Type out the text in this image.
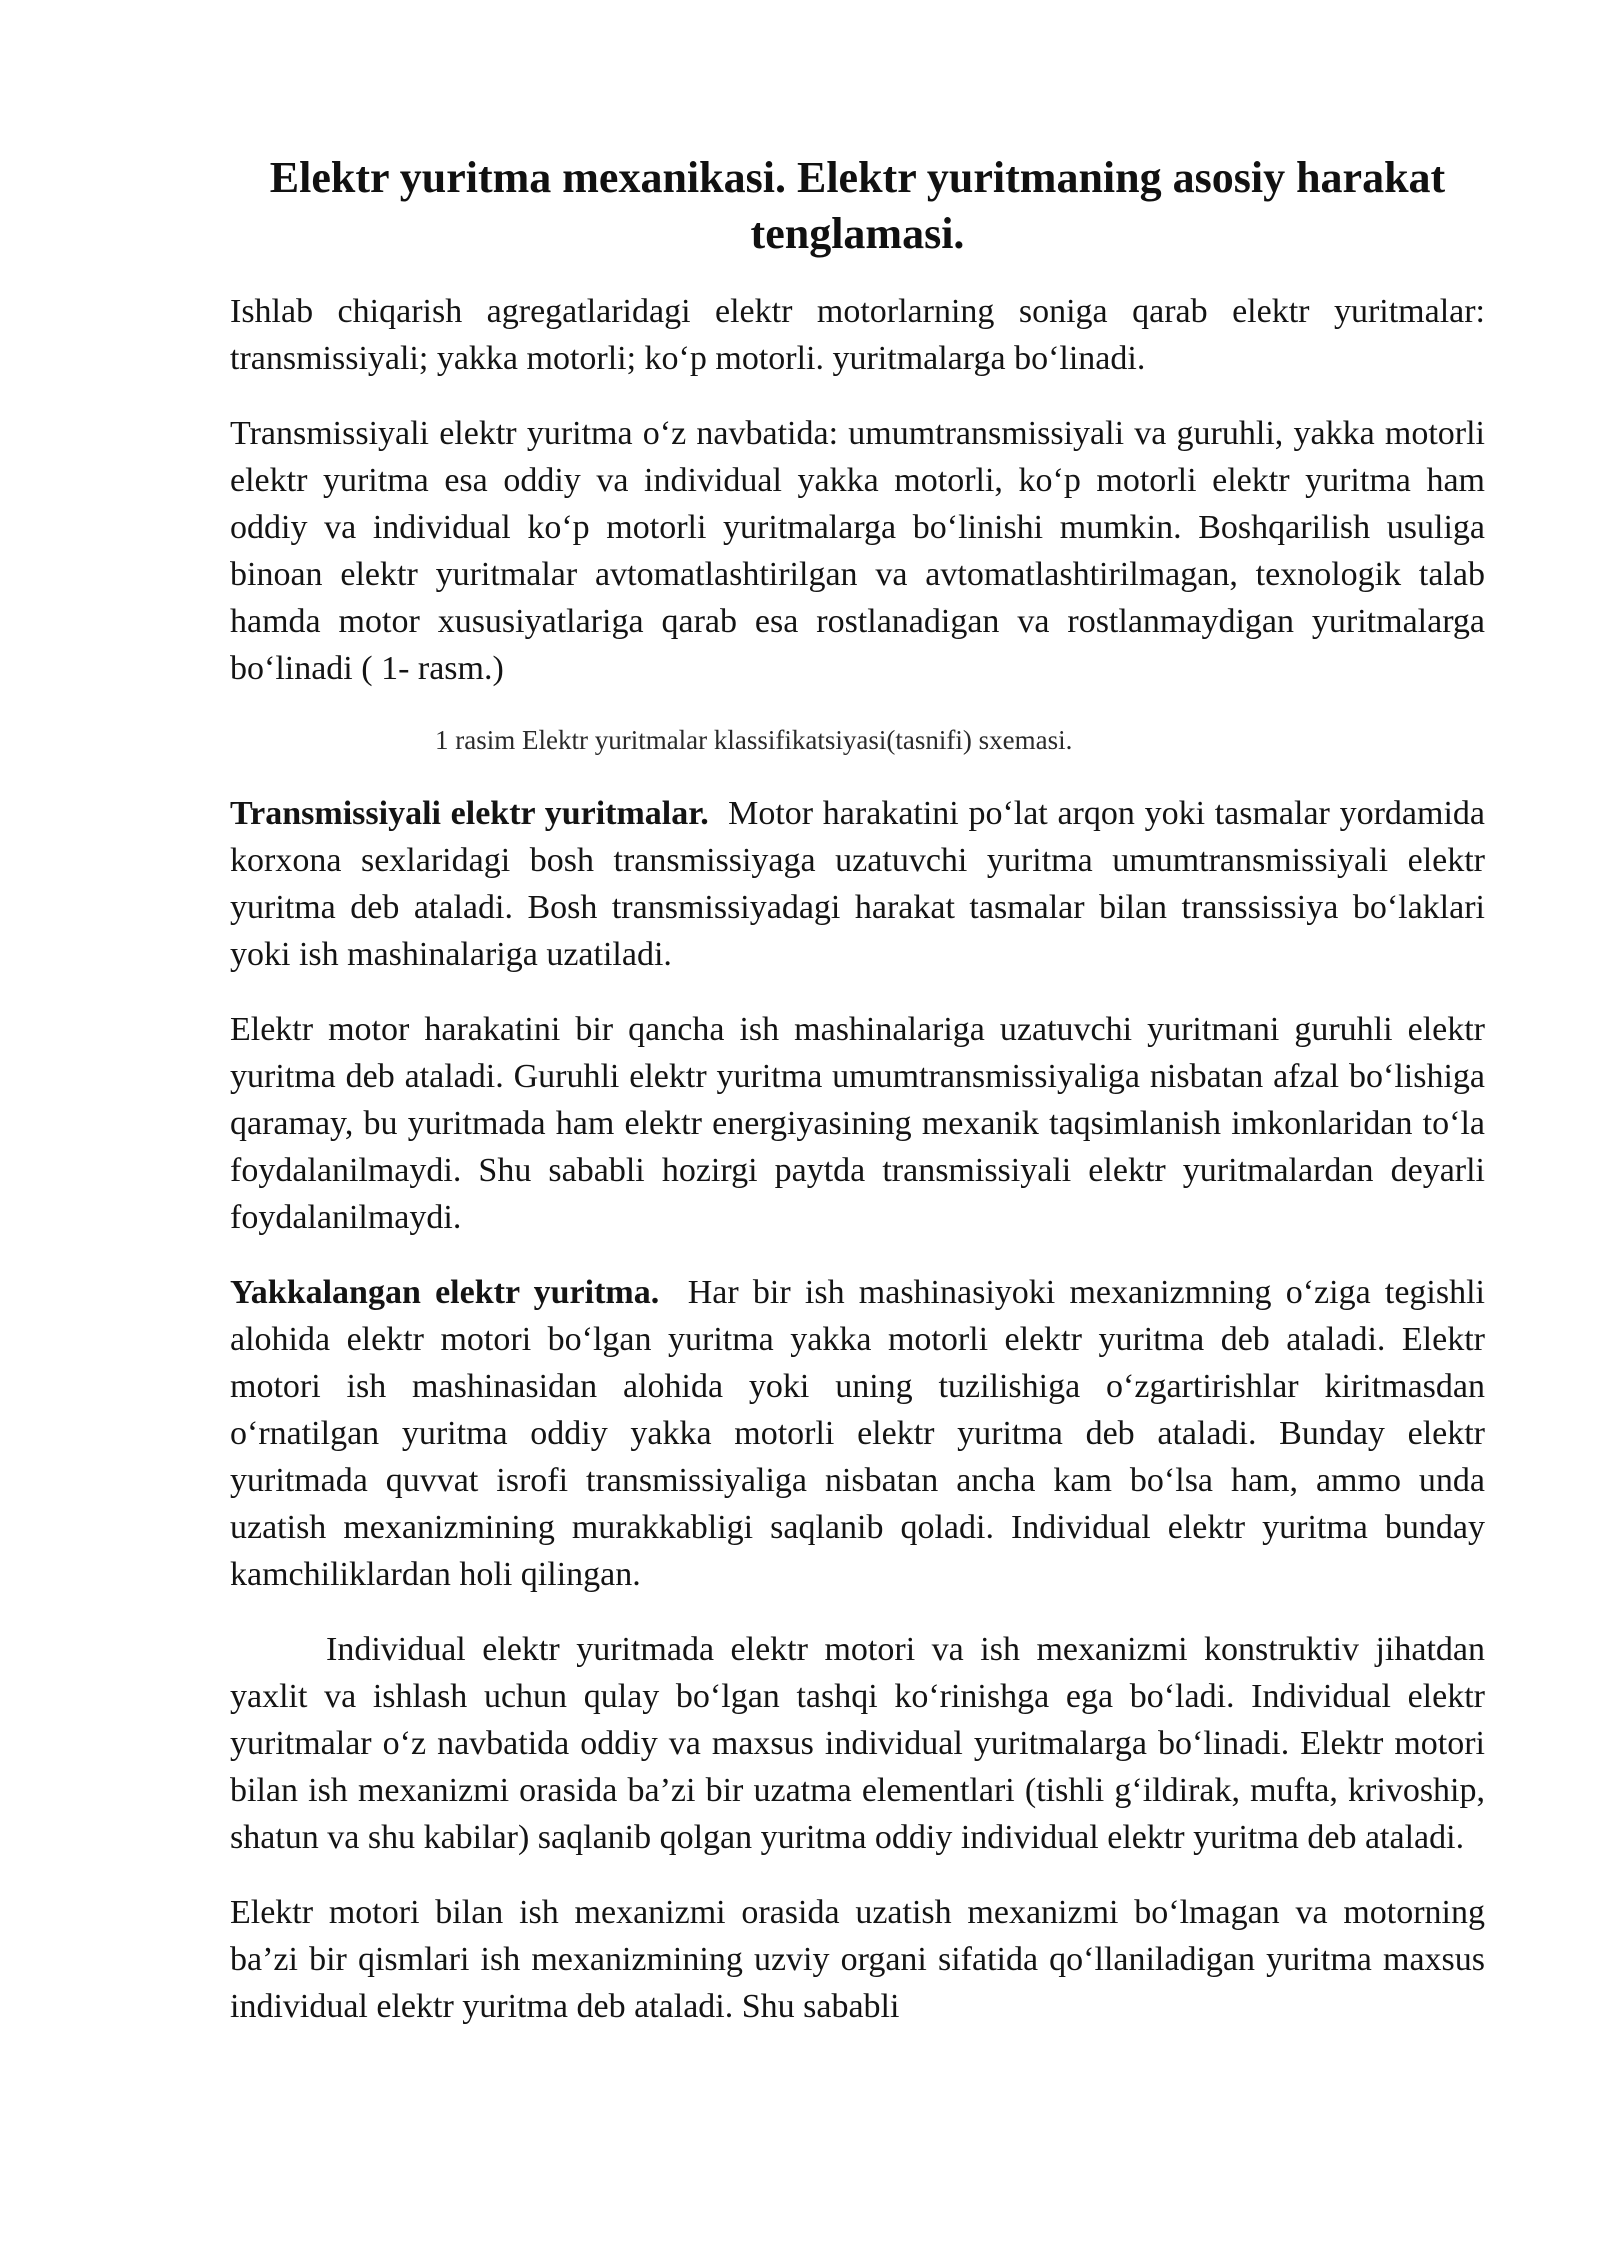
Elektr yuritma mexanikasi. Elektr yuritmaning asosiy harakat tenglamasi.

Ishlab chiqarish agregatlaridagi elektr motorlarning soniga qarab elektr yuritmalar: transmissiyali; yakka motorli; ko‘p motorli. yuritmalarga bo‘linadi.

Transmissiyali elektr yuritma o‘z navbatida: umumtransmissiyali va guruhli, yakka motorli elektr yuritma esa oddiy va individual yakka motorli, ko‘p motorli elektr yuritma ham oddiy va individual ko‘p motorli yuritmalarga bo‘linishi mumkin. Boshqarilish usuliga binoan elektr yuritmalar avtomatlashtirilgan va avtomatlashtirilmagan, texnologik talab hamda motor xususiyatlariga qarab esa rostlanadigan va rostlanmaydigan yuritmalarga bo‘linadi ( 1- rasm.)

1 rasim Elektr yuritmalar klassifikatsiyasi(tasnifi) sxemasi.

Transmissiyali elektr yuritmalar. Motor harakatini po‘lat arqon yoki tasmalar yordamida korxona sexlaridagi bosh transmissiyaga uzatuvchi yuritma umumtransmissiyali elektr yuritma deb ataladi. Bosh transmissiyadagi harakat tasmalar bilan transsissiya bo‘laklari yoki ish mashinalariga uzatiladi.

Elektr motor harakatini bir qancha ish mashinalariga uzatuvchi yuritmani guruhli elektr yuritma deb ataladi. Guruhli elektr yuritma umumtransmissiyaliga nisbatan afzal bo‘lishiga qaramay, bu yuritmada ham elektr energiyasining mexanik taqsimlanish imkonlaridan to‘la foydalanilmaydi. Shu sababli hozirgi paytda transmissiyali elektr yuritmalardan deyarli foydalanilmaydi.

Yakkalangan elektr yuritma. Har bir ish mashinasiyoki mexanizmning o‘ziga tegishli alohida elektr motori bo‘lgan yuritma yakka motorli elektr yuritma deb ataladi. Elektr motori ish mashinasidan alohida yoki uning tuzilishiga o‘zgartirishlar kiritmasdan o‘rnatilgan yuritma oddiy yakka motorli elektr yuritma deb ataladi. Bunday elektr yuritmada quvvat isrofi transmissiyaliga nisbatan ancha kam bo‘lsa ham, ammo unda uzatish mexanizmining murakkabligi saqlanib qoladi. Individual elektr yuritma bunday kamchiliklardan holi qilingan.

Individual elektr yuritmada elektr motori va ish mexanizmi konstruktiv jihatdan yaxlit va ishlash uchun qulay bo‘lgan tashqi ko‘rinishga ega bo‘ladi. Individual elektr yuritmalar o‘z navbatida oddiy va maxsus individual yuritmalarga bo‘linadi. Elektr motori bilan ish mexanizmi orasida ba’zi bir uzatma elementlari (tishli g‘ildirak, mufta, krivoship, shatun va shu kabilar) saqlanib qolgan yuritma oddiy individual elektr yuritma deb ataladi.

Elektr motori bilan ish mexanizmi orasida uzatish mexanizmi bo‘lmagan va motorning ba’zi bir qismlari ish mexanizmining uzviy organi sifatida qo‘llaniladigan yuritma maxsus individual elektr yuritma deb ataladi. Shu sababli
